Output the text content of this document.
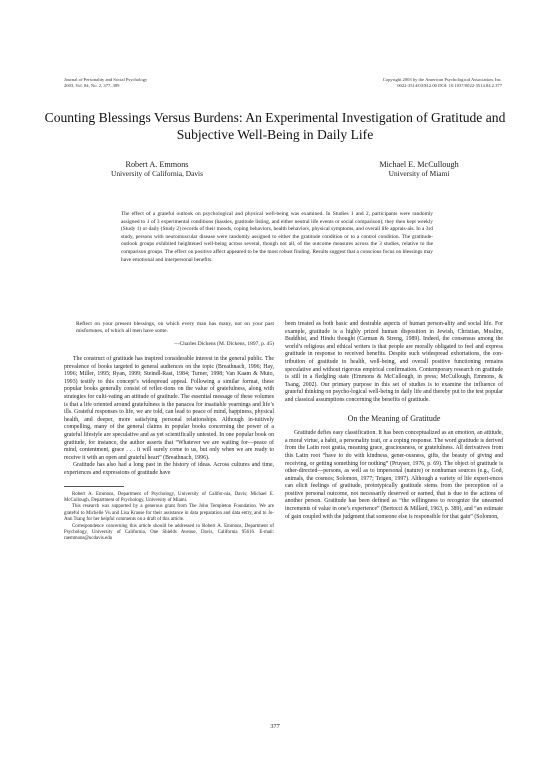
Journal of Personality and Social Psychology
2003, Vol. 84, No. 2, 377–389
Copyright 2003 by the American Psychological Association, Inc.
0022-3514/03/$12.00 DOI: 10.1037/0022-3514.84.2.377
Counting Blessings Versus Burdens: An Experimental Investigation of Gratitude and Subjective Well-Being in Daily Life
Robert A. Emmons
University of California, Davis
Michael E. McCullough
University of Miami
The effect of a grateful outlook on psychological and physical well-being was examined. In Studies 1 and 2, participants were randomly assigned to 1 of 3 experimental conditions (hassles, gratitude listing, and either neutral life events or social comparison); they then kept weekly (Study 1) or daily (Study 2) records of their moods, coping behaviors, health behaviors, physical symptoms, and overall life apprais-als. In a 3rd study, persons with neuromuscular disease were randomly assigned to either the gratitude condition or to a control condition. The gratitude-outlook groups exhibited heightened well-being across several, though not all, of the outcome measures across the 3 studies, relative to the comparison groups. The effect on positive affect appeared to be the most robust finding. Results suggest that a conscious focus on blessings may have emotional and interpersonal benefits.
Reflect on your present blessings, on which every man has many, not on your past misfortunes, of which all men have some.
—Charles Dickens (M. Dickens, 1897, p. 45)

The construct of gratitude has inspired considerable interest in the general public. The prevalence of books targeted to general audiences on the topic (Breathnach, 1996; Hay, 1996; Miller, 1995; Ryan, 1999; Steindl-Rast, 1984; Turner, 1998; Van Kaam & Muto, 1993) testify to this concept’s widespread appeal. Following a similar format, these popular books generally consist of reflec-tions on the value of gratefulness, along with strategies for culti-vating an attitude of gratitude. The essential message of these volumes is that a life oriented around gratefulness is the panacea for insatiable yearnings and life’s ills. Grateful responses to life, we are told, can lead to peace of mind, happiness, physical health, and deeper, more satisfying personal relationships. Although in-tuitively compelling, many of the general claims in popular books concerning the power of a grateful lifestyle are speculative and as yet scientifically untested. In one popular book on gratitude, for instance, the author asserts that “Whatever we are waiting for—peace of mind, contentment, grace . . . it will surely come to us, but only when we are ready to receive it with an open and grateful heart” (Breathnach, 1996).

Gratitude has also had a long past in the history of ideas. Across cultures and time, experiences and expressions of gratitude have

Robert A. Emmons, Department of Psychology, University of Califor-nia, Davis; Michael E. McCullough, Department of Psychology, University of Miami.

This research was supported by a generous grant from The John Templeton Foundation. We are grateful to Michelle Vu and Lisa Krause for their assistance in data preparation and data entry, and to Jo-Ann Tsang for her helpful comments on a draft of this article.

Correspondence concerning this article should be addressed to Robert A. Emmons, Department of Psychology, University of California, One Shields Avenue, Davis, California 95616. E-mail: raemmons@ucdavis.edu

been treated as both basic and desirable aspects of human person-ality and social life. For example, gratitude is a highly prized human disposition in Jewish, Christian, Muslim, Buddhist, and Hindu thought (Carman & Streng, 1989). Indeed, the consensus among the world’s religious and ethical writers is that people are morally obligated to feel and express gratitude in response to received benefits. Despite such widespread exhortations, the con-tribution of gratitude to health, well-being, and overall positive functioning remains speculative and without rigorous empirical confirmation. Contemporary research on gratitude is still in a fledgling state (Emmons & McCullough, in press; McCullough, Emmons, & Tsang, 2002). Our primary purpose in this set of studies is to examine the influence of grateful thinking on psycho-logical well-being in daily life and thereby put to the test popular and classical assumptions concerning the benefits of gratitude.

On the Meaning of Gratitude

Gratitude defies easy classification. It has been conceptualized as an emotion, an attitude, a moral virtue, a habit, a personality trait, or a coping response. The word gratitude is derived from the Latin root gratia, meaning grace, graciousness, or gratefulness. All derivatives from this Latin root “have to do with kindness, gener-ousness, gifts, the beauty of giving and receiving, or getting something for nothing” (Pruyser, 1976, p. 69). The object of gratitude is other-directed—persons, as well as to impersonal (nature) or nonhuman sources (e.g., God, animals, the cosmos; Solomon, 1977; Teigen, 1997). Although a variety of life experi-ences can elicit feelings of gratitude, prototypically gratitude stems from the perception of a positive personal outcome, not necessarily deserved or earned, that is due to the actions of another person. Gratitude has been defined as “the willingness to recognize the unearned increments of value in one’s experience” (Bertocci & Millard, 1963, p. 389), and “an estimate of gain coupled with the judgment that someone else is responsible for that gain” (Solomon,

377
